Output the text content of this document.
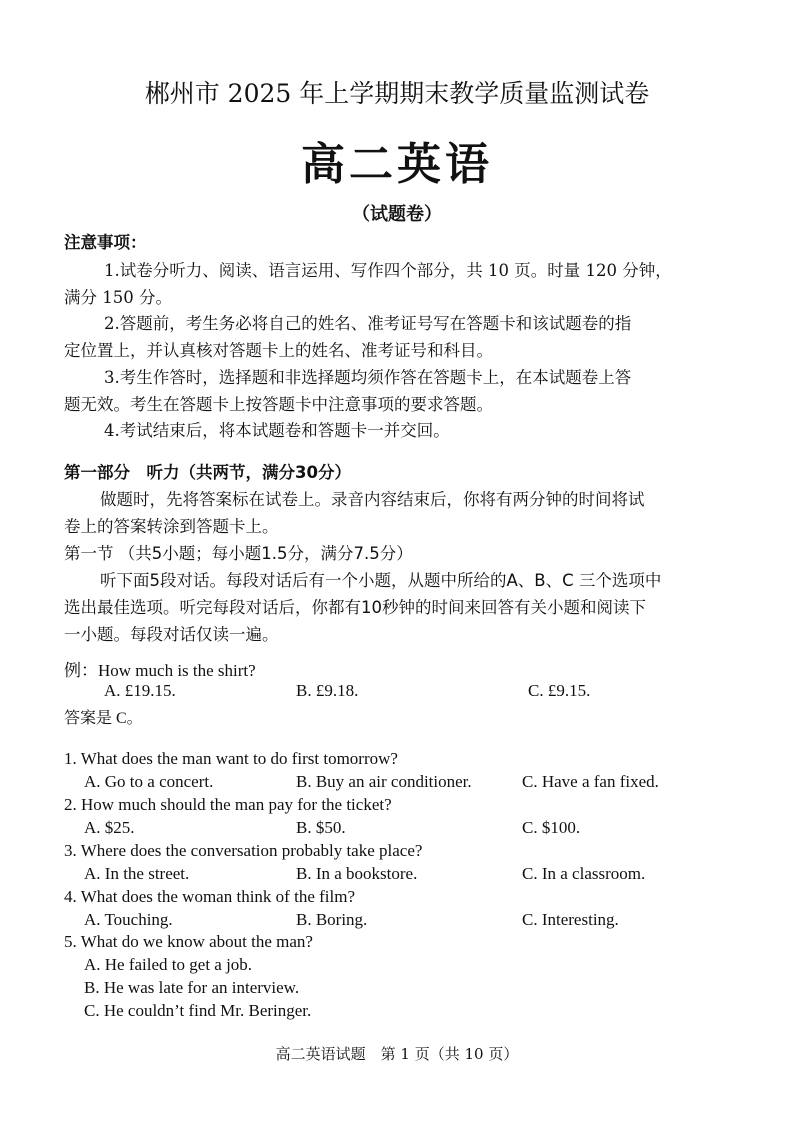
郴州市 2025 年上学期期末教学质量监测试卷
高二英语
（试题卷）
注意事项：
1.试卷分听力、阅读、语言运用、写作四个部分，共 10 页。时量 120 分钟，
满分 150 分。
2.答题前，考生务必将自己的姓名、准考证号写在答题卡和该试题卷的指
定位置上，并认真核对答题卡上的姓名、准考证号和科目。
3.考生作答时，选择题和非选择题均须作答在答题卡上，在本试题卷上答
题无效。考生在答题卡上按答题卡中注意事项的要求答题。
4.考试结束后，将本试题卷和答题卡一并交回。
第一部分　听力（共两节，满分30分）
做题时，先将答案标在试卷上。录音内容结束后，你将有两分钟的时间将试
卷上的答案转涂到答题卡上。
第一节 （共5小题；每小题1.5分，满分7.5分）
听下面5段对话。每段对话后有一个小题，从题中所给的A、B、C 三个选项中
选出最佳选项。听完每段对话后，你都有10秒钟的时间来回答有关小题和阅读下
一小题。每段对话仅读一遍。
例：How much is the shirt?
A. £19.15.	B. £9.18.	C. £9.15.
答案是 C。
1. What does the man want to do first tomorrow?
A. Go to a concert.	B. Buy an air conditioner.	C. Have a fan fixed.
2. How much should the man pay for the ticket?
A. $25.	B. $50.	C. $100.
3. Where does the conversation probably take place?
A. In the street.	B. In a bookstore.	C. In a classroom.
4. What does the woman think of the film?
A. Touching.	B. Boring.	C. Interesting.
5. What do we know about the man?
A. He failed to get a job.
B. He was late for an interview.
C. He couldn’t find Mr. Beringer.
高二英语试题　第 1 页（共 10 页）
